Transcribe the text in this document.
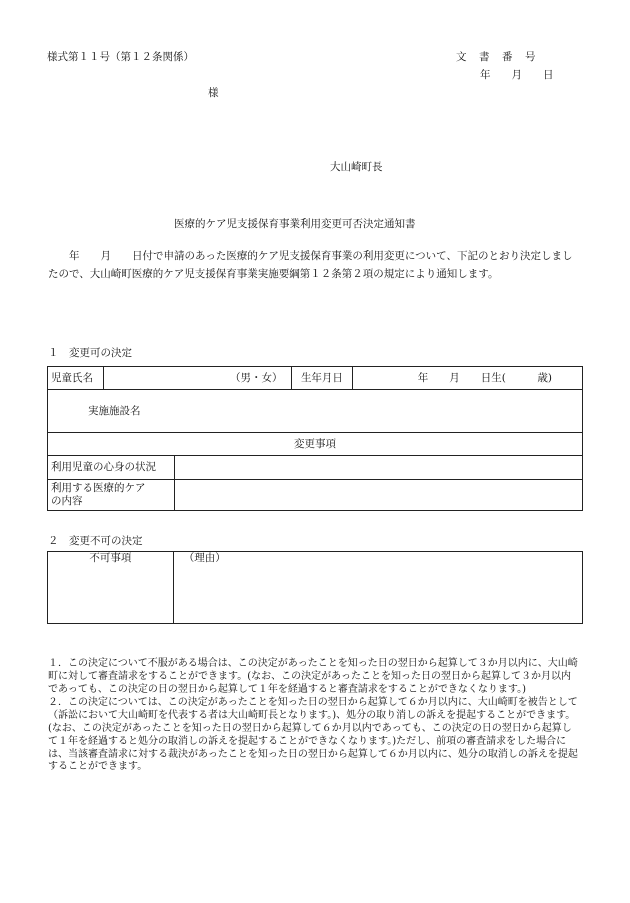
様式第１１号（第１２条関係）	文　書　番　号
年　　月　　日
様
大山崎町長
医療的ケア児支援保育事業利用変更可否決定通知書
　　年　　月　　日付で申請のあった医療的ケア児支援保育事業の利用変更について、下記のとおり決定しましたので、大山崎町医療的ケア児支援保育事業実施要綱第１２条第２項の規定により通知します。
１　変更可の決定
児童氏名	（男・女）		生年月日	年　　月　　日生(　　　歳)
実施施設名				
変更事項				
利用児童の心身の状況				
利用する医療的ケア
の内容				
２　変更不可の決定
不可事項	（理由）

１．この決定について不服がある場合は、この決定があったことを知った日の翌日から起算して３か月以内に、大山崎町に対して審査請求をすることができます。(なお、この決定があったことを知った日の翌日から起算して３か月以内であっても、この決定の日の翌日から起算して１年を経過すると審査請求をすることができなくなります。)

２．この決定については、この決定があったことを知った日の翌日から起算して６か月以内に、大山崎町を被告として（訴訟において大山崎町を代表する者は大山崎町長となります。)、処分の取り消しの訴えを提起することができます。(なお、この決定があったことを知った日の翌日から起算して６か月以内であっても、この決定の日の翌日から起算して１年を経過すると処分の取消しの訴えを提起することができなくなります。)ただし、前項の審査請求をした場合には、当該審査請求に対する裁決があったことを知った日の翌日から起算して６か月以内に、処分の取消しの訴えを提起することができます。
